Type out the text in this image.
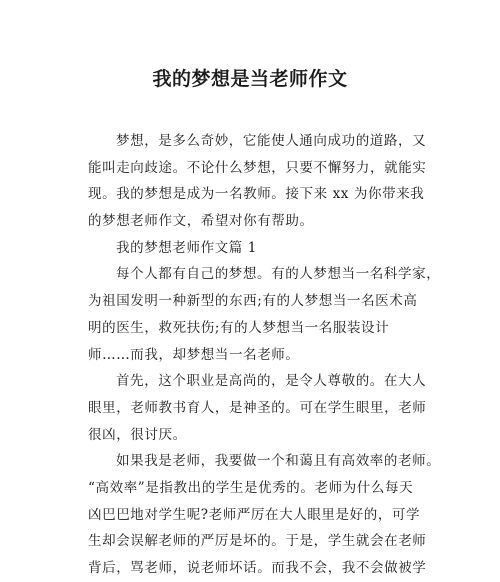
我的梦想是当老师作文
梦想，是多么奇妙，它能使人通向成功的道路，又
能叫走向歧途。不论什么梦想，只要不懈努力，就能实
现。我的梦想是成为一名教师。接下来 xx 为你带来我
的梦想老师作文，希望对你有帮助。
我的梦想老师作文篇 1
每个人都有自己的梦想。有的人梦想当一名科学家，
为祖国发明一种新型的东西;有的人梦想当一名医术高
明的医生，救死扶伤;有的人梦想当一名服装设计
师……而我，却梦想当一名老师。
首先，这个职业是高尚的，是令人尊敬的。在大人
眼里，老师教书育人，是神圣的。可在学生眼里，老师
很凶，很讨厌。
如果我是老师，我要做一个和蔼且有高效率的老师。
“高效率”是指教出的学生是优秀的。老师为什么每天
凶巴巴地对学生呢?老师严厉在大人眼里是好的，可学
生却会误解老师的严厉是坏的。于是，学生就会在老师
背后，骂老师，说老师坏话。而我不会，我不会做被学
